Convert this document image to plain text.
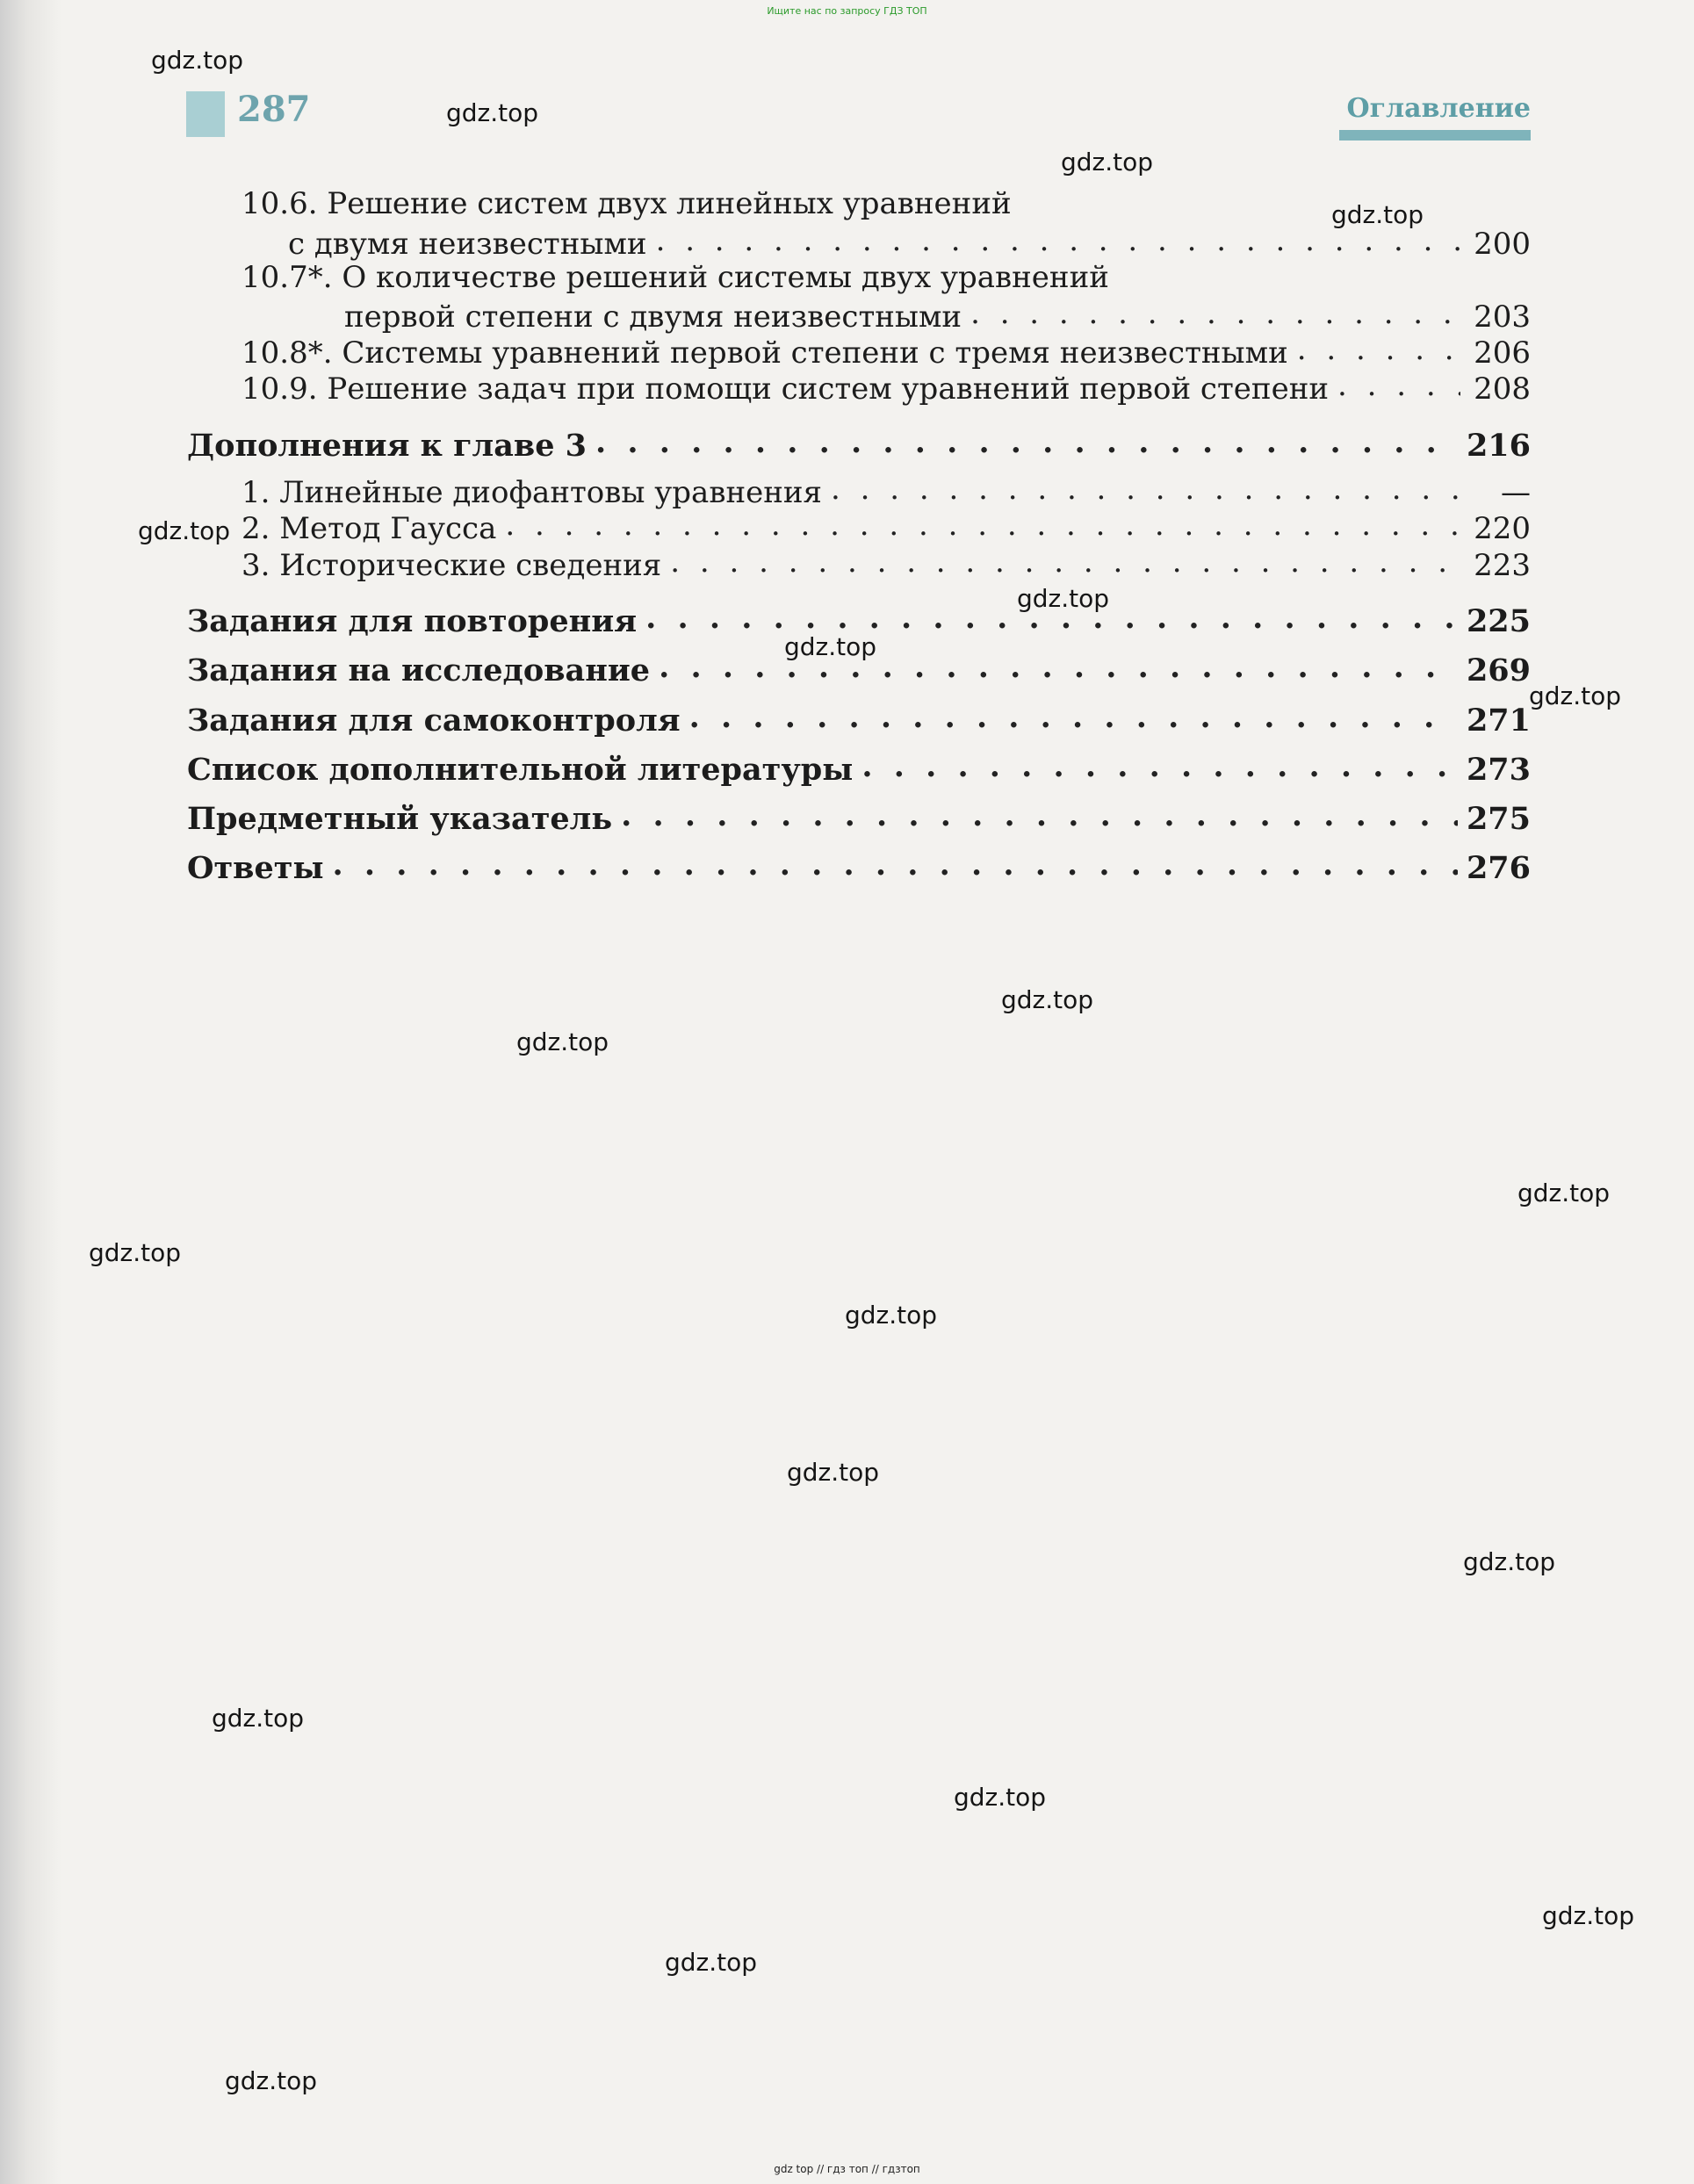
Ищите нас по запросу ГДЗ ТОП
287	Оглавление
10.6. Решение систем двух линейных уравнений
с двумя неизвестными . . .	200
10.7*. О количестве решений системы двух уравнений
первой степени с двумя неизвестными . . .	203
10.8*. Системы уравнений первой степени с тремя неизвестными . . .	206
10.9. Решение задач при помощи систем уравнений первой степени . . .	208
Дополнения к главе 3 . . .	216
1. Линейные диофантовы уравнения . . .	—
2. Метод Гаусса . . .	220
3. Исторические сведения . . .	223
Задания для повторения . . .	225
Задания на исследование . . .	269
Задания для самоконтроля . . .	271
Список дополнительной литературы . . .	273
Предметный указатель . . .	275
Ответы . . .	276
gdz.top
gdz.top
gdz.top
gdz.top
gdz.top
gdz.top
gdz.top
gdz.top
gdz.top
gdz.top
gdz.top
gdz.top
gdz.top
gdz.top
gdz.top
gdz.top
gdz.top
gdz.top
gdz.top
gdz.top
gdz top // гдз топ // гдзтоп
